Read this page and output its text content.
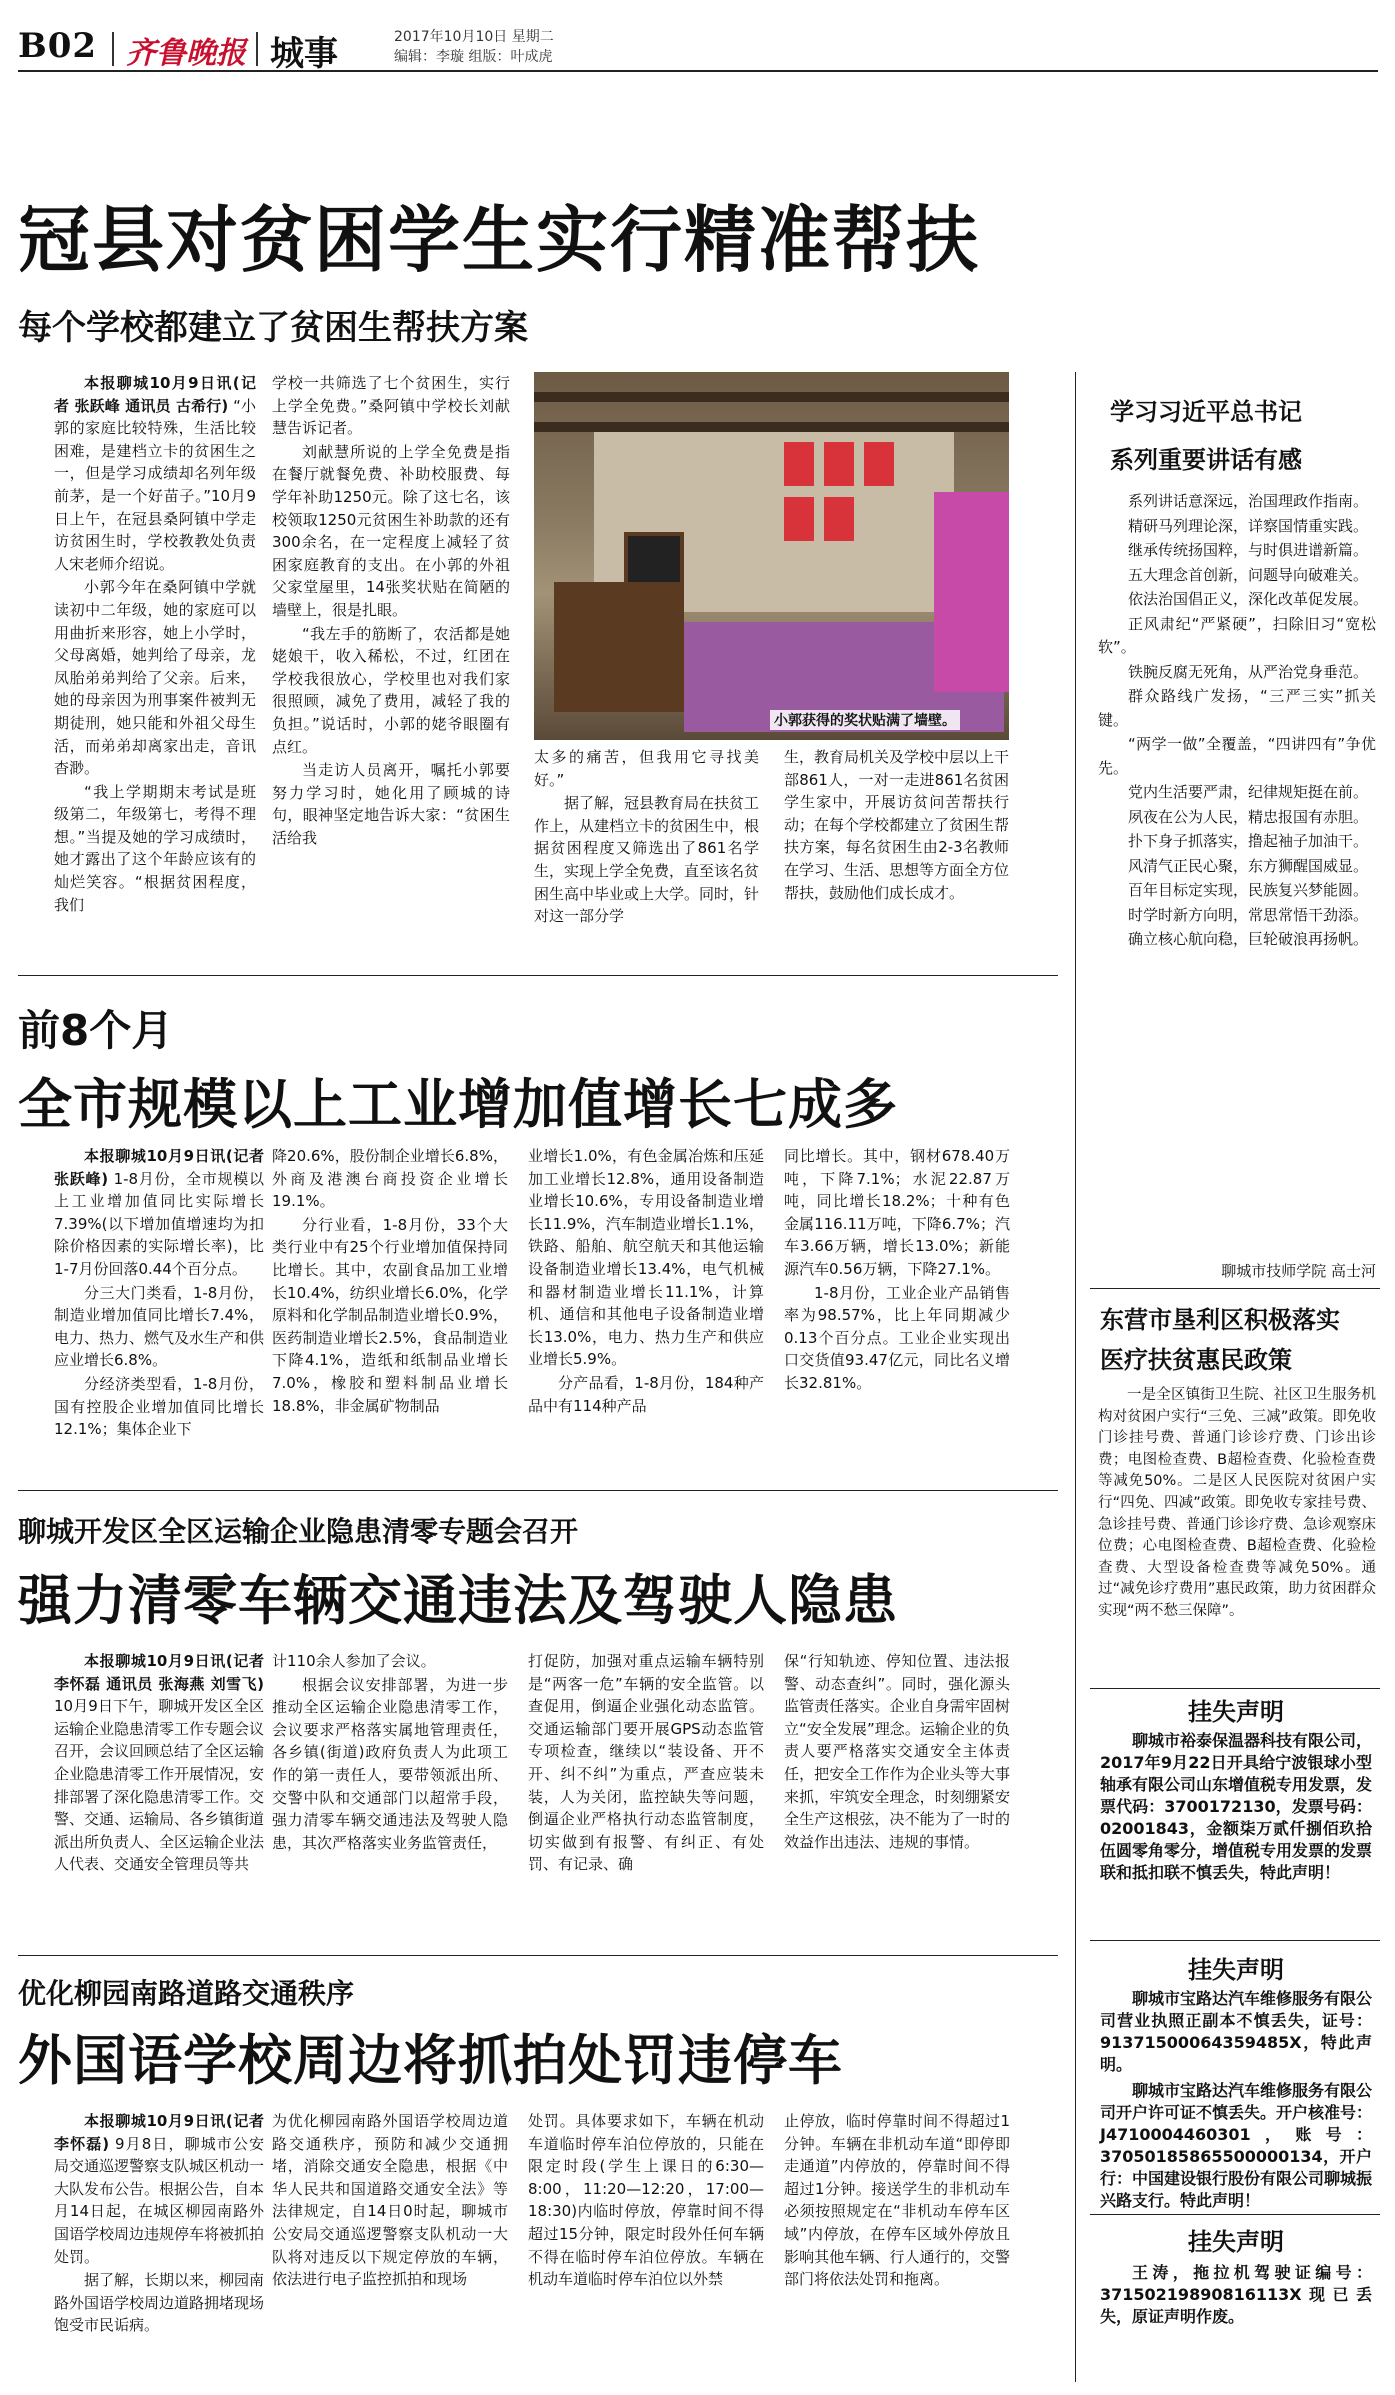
B02 齐鲁晚报 城事	2017年10月10日 星期二
编辑：李璇 组版：叶成虎
冠县对贫困学生实行精准帮扶
每个学校都建立了贫困生帮扶方案

本报聊城10月9日讯(记者 张跃峰 通讯员 古希行) “小郭的家庭比较特殊，生活比较困难，是建档立卡的贫困生之一，但是学习成绩却名列年级前茅，是一个好苗子。”10月9日上午，在冠县桑阿镇中学走访贫困生时，学校教教处负责人宋老师介绍说。

小郭今年在桑阿镇中学就读初中二年级，她的家庭可以用曲折来形容，她上小学时，父母离婚，她判给了母亲，龙凤胎弟弟判给了父亲。后来，她的母亲因为刑事案件被判无期徒刑，她只能和外祖父母生活，而弟弟却离家出走，音讯杳渺。

“我上学期期末考试是班级第二，年级第七，考得不理想。”当提及她的学习成绩时，她才露出了这个年龄应该有的灿烂笑容。“根据贫困程度，我们

学校一共筛选了七个贫困生，实行上学全免费。”桑阿镇中学校长刘献慧告诉记者。

刘献慧所说的上学全免费是指在餐厅就餐免费、补助校服费、每学年补助1250元。除了这七名，该校领取1250元贫困生补助款的还有300余名，在一定程度上减轻了贫困家庭教育的支出。在小郭的外祖父家堂屋里，14张奖状贴在简陋的墙壁上，很是扎眼。

“我左手的筋断了，农活都是她姥娘干，收入稀松，不过，红团在学校我很放心，学校里也对我们家很照顾，减免了费用，减轻了我的负担。”说话时，小郭的姥爷眼圈有点红。

当走访人员离开，嘱托小郭要努力学习时，她化用了顾城的诗句，眼神坚定地告诉大家：“贫困生活给我

小郭获得的奖状贴满了墙壁。

太多的痛苦，但我用它寻找美好。”

据了解，冠县教育局在扶贫工作上，从建档立卡的贫困生中，根据贫困程度又筛选出了861名学生，实现上学全免费，直至该名贫困生高中毕业或上大学。同时，针对这一部分学

生，教育局机关及学校中层以上干部861人，一对一走进861名贫困学生家中，开展访贫问苦帮扶行动；在每个学校都建立了贫困生帮扶方案，每名贫困生由2-3名教师在学习、生活、思想等方面全方位帮扶，鼓励他们成长成才。

前8个月
全市规模以上工业增加值增长七成多

本报聊城10月9日讯(记者 张跃峰) 1-8月份，全市规模以上工业增加值同比实际增长7.39%(以下增加值增速均为扣除价格因素的实际增长率)，比1-7月份回落0.44个百分点。

分三大门类看，1-8月份，制造业增加值同比增长7.4%，电力、热力、燃气及水生产和供应业增长6.8%。

分经济类型看，1-8月份，国有控股企业增加值同比增长12.1%；集体企业下

降20.6%，股份制企业增长6.8%，外商及港澳台商投资企业增长19.1%。

分行业看，1-8月份，33个大类行业中有25个行业增加值保持同比增长。其中，农副食品加工业增长10.4%，纺织业增长6.0%，化学原料和化学制品制造业增长0.9%，医药制造业增长2.5%，食品制造业下降4.1%，造纸和纸制品业增长7.0%，橡胶和塑料制品业增长18.8%，非金属矿物制品

业增长1.0%，有色金属冶炼和压延加工业增长12.8%，通用设备制造业增长10.6%，专用设备制造业增长11.9%，汽车制造业增长1.1%，铁路、船舶、航空航天和其他运输设备制造业增长13.4%，电气机械和器材制造业增长11.1%，计算机、通信和其他电子设备制造业增长13.0%，电力、热力生产和供应业增长5.9%。

分产品看，1-8月份，184种产品中有114种产品

同比增长。其中，钢材678.40万吨，下降7.1%；水泥22.87万吨，同比增长18.2%；十种有色金属116.11万吨，下降6.7%；汽车3.66万辆，增长13.0%；新能源汽车0.56万辆，下降27.1%。

1-8月份，工业企业产品销售率为98.57%，比上年同期减少0.13个百分点。工业企业实现出口交货值93.47亿元，同比名义增长32.81%。

聊城开发区全区运输企业隐患清零专题会召开
强力清零车辆交通违法及驾驶人隐患

本报聊城10月9日讯(记者 李怀磊 通讯员 张海燕 刘雪飞) 10月9日下午，聊城开发区全区运输企业隐患清零工作专题会议召开，会议回顾总结了全区运输企业隐患清零工作开展情况，安排部署了深化隐患清零工作。交警、交通、运输局、各乡镇街道派出所负责人、全区运输企业法人代表、交通安全管理员等共

计110余人参加了会议。

根据会议安排部署，为进一步推动全区运输企业隐患清零工作，会议要求严格落实属地管理责任，各乡镇(街道)政府负责人为此项工作的第一责任人，要带领派出所、交警中队和交通部门以超常手段，强力清零车辆交通违法及驾驶人隐患，其次严格落实业务监管责任，

打促防，加强对重点运输车辆特别是“两客一危”车辆的安全监管。以查促用，倒逼企业强化动态监管。交通运输部门要开展GPS动态监管专项检查，继续以“装设备、开不开、纠不纠”为重点，严查应装未装，人为关闭，监控缺失等问题，倒逼企业严格执行动态监管制度，切实做到有报警、有纠正、有处罚、有记录、确

保“行知轨迹、停知位置、违法报警、动态查纠”。同时，强化源头监管责任落实。企业自身需牢固树立“安全发展”理念。运输企业的负责人要严格落实交通安全主体责任，把安全工作作为企业头等大事来抓，牢筑安全理念，时刻绷紧安全生产这根弦，决不能为了一时的效益作出违法、违规的事情。

优化柳园南路道路交通秩序
外国语学校周边将抓拍处罚违停车

本报聊城10月9日讯(记者 李怀磊) 9月8日，聊城市公安局交通巡逻警察支队城区机动一大队发布公告。根据公告，自本月14日起，在城区柳园南路外国语学校周边违规停车将被抓拍处罚。

据了解，长期以来，柳园南路外国语学校周边道路拥堵现场饱受市民诟病。

为优化柳园南路外国语学校周边道路交通秩序，预防和减少交通拥堵，消除交通安全隐患，根据《中华人民共和国道路交通安全法》等法律规定，自14日0时起，聊城市公安局交通巡逻警察支队机动一大队将对违反以下规定停放的车辆，依法进行电子监控抓拍和现场

处罚。具体要求如下，车辆在机动车道临时停车泊位停放的，只能在限定时段(学生上课日的6:30—8:00，11:20—12:20，17:00—18:30)内临时停放，停靠时间不得超过15分钟，限定时段外任何车辆不得在临时停车泊位停放。车辆在机动车道临时停车泊位以外禁

止停放，临时停靠时间不得超过1分钟。车辆在非机动车道“即停即走通道”内停放的，停靠时间不得超过1分钟。接送学生的非机动车必须按照规定在“非机动车停车区域”内停放，在停车区域外停放且影响其他车辆、行人通行的，交警部门将依法处罚和拖离。

学习习近平总书记
系列重要讲话有感

系列讲话意深远，治国理政作指南。

精研马列理论深，详察国情重实践。

继承传统扬国粹，与时俱进谱新篇。

五大理念首创新，问题导向破难关。

依法治国倡正义，深化改革促发展。

正风肃纪“严紧硬”，扫除旧习“宽松软”。

铁腕反腐无死角，从严治党身垂范。

群众路线广发扬，“三严三实”抓关键。

“两学一做”全覆盖，“四讲四有”争优先。

党内生活要严肃，纪律规矩挺在前。

夙夜在公为人民，精忠报国有赤胆。

扑下身子抓落实，撸起袖子加油干。

风清气正民心聚，东方狮醒国威显。

百年目标定实现，民族复兴梦能圆。

时学时新方向明，常思常悟干劲添。

确立核心航向稳，巨轮破浪再扬帆。

聊城市技师学院 高士河
东营市垦利区积极落实
医疗扶贫惠民政策

一是全区镇街卫生院、社区卫生服务机构对贫困户实行“三免、三减”政策。即免收门诊挂号费、普通门诊诊疗费、门诊出诊费；电图检查费、B超检查费、化验检查费等减免50%。二是区人民医院对贫困户实行“四免、四减”政策。即免收专家挂号费、急诊挂号费、普通门诊诊疗费、急诊观察床位费；心电图检查费、B超检查费、化验检查费、大型设备检查费等减免50%。通过“减免诊疗费用”惠民政策，助力贫困群众实现“两不愁三保障”。

挂失声明

聊城市裕泰保温器科技有限公司，2017年9月22日开具给宁波银球小型轴承有限公司山东增值税专用发票，发票代码：3700172130，发票号码：02001843，金额柒万贰仟捌佰玖拾伍圆零角零分，增值税专用发票的发票联和抵扣联不慎丢失，特此声明！

挂失声明

聊城市宝路达汽车维修服务有限公司营业执照正副本不慎丢失，证号：91371500064359485X，特此声明。

聊城市宝路达汽车维修服务有限公司开户许可证不慎丢失。开户核准号：J4710004460301，账号：370501858655000001​34，开户行：中国建设银行股份有限公司聊城振兴路支行。特此声明！

挂失声明

王涛，拖拉机驾驶证编号：37150219890816113X现已丢失，原证声明作废。
